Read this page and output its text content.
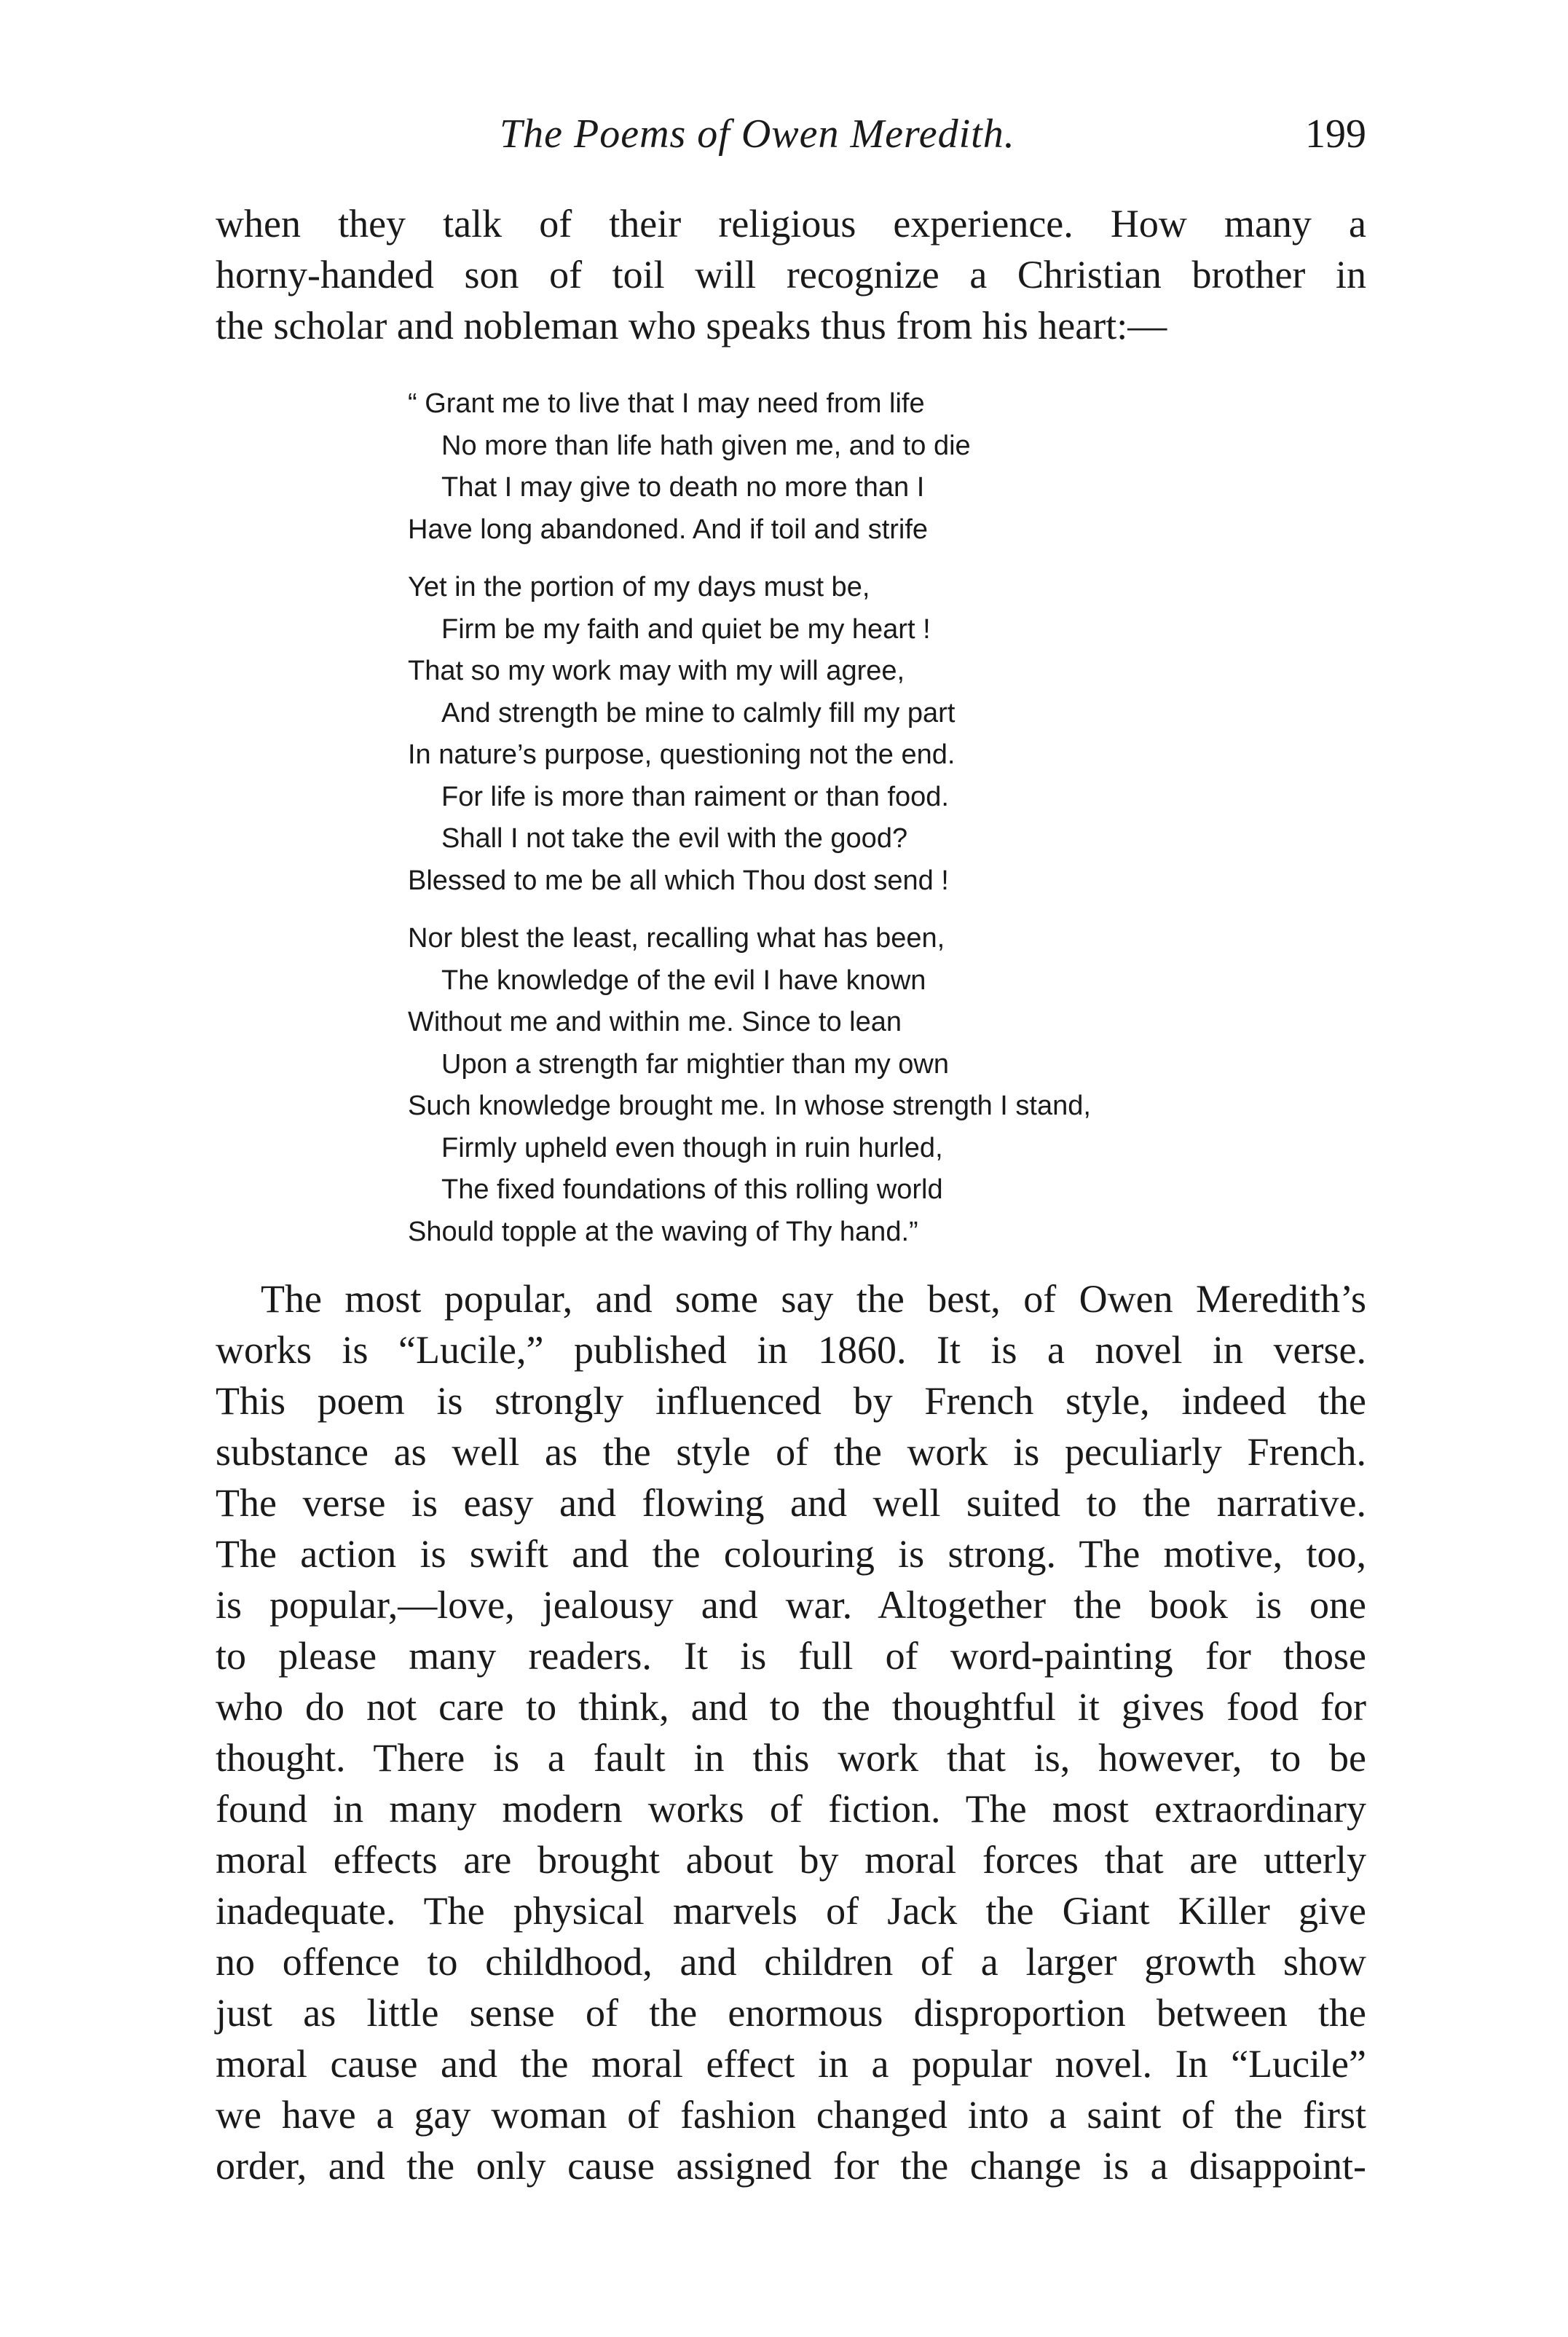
The Poems of Owen Meredith.	199
when they talk of their religious experience. How many a
horny-handed son of toil will recognize a Christian brother in
the scholar and nobleman who speaks thus from his heart:—
“ Grant me to live that I may need from life
No more than life hath given me, and to die
That I may give to death no more than I
Have long abandoned. And if toil and strife
Yet in the portion of my days must be,
Firm be my faith and quiet be my heart !
That so my work may with my will agree,
And strength be mine to calmly fill my part
In nature’s purpose, questioning not the end.
For life is more than raiment or than food.
Shall I not take the evil with the good?
Blessed to me be all which Thou dost send !
Nor blest the least, recalling what has been,
The knowledge of the evil I have known
Without me and within me. Since to lean
Upon a strength far mightier than my own
Such knowledge brought me. In whose strength I stand,
Firmly upheld even though in ruin hurled,
The fixed foundations of this rolling world
Should topple at the waving of Thy hand.”
The most popular, and some say the best, of Owen Meredith’s
works is “Lucile,” published in 1860. It is a novel in verse.
This poem is strongly influenced by French style, indeed the
substance as well as the style of the work is peculiarly French.
The verse is easy and flowing and well suited to the narrative.
The action is swift and the colouring is strong. The motive, too,
is popular,—love, jealousy and war. Altogether the book is one
to please many readers. It is full of word-painting for those
who do not care to think, and to the thoughtful it gives food for
thought. There is a fault in this work that is, however, to be
found in many modern works of fiction. The most extraordinary
moral effects are brought about by moral forces that are utterly
inadequate. The physical marvels of Jack the Giant Killer give
no offence to childhood, and children of a larger growth show
just as little sense of the enormous disproportion between the
moral cause and the moral effect in a popular novel. In “Lucile”
we have a gay woman of fashion changed into a saint of the first
order, and the only cause assigned for the change is a disappoint-
